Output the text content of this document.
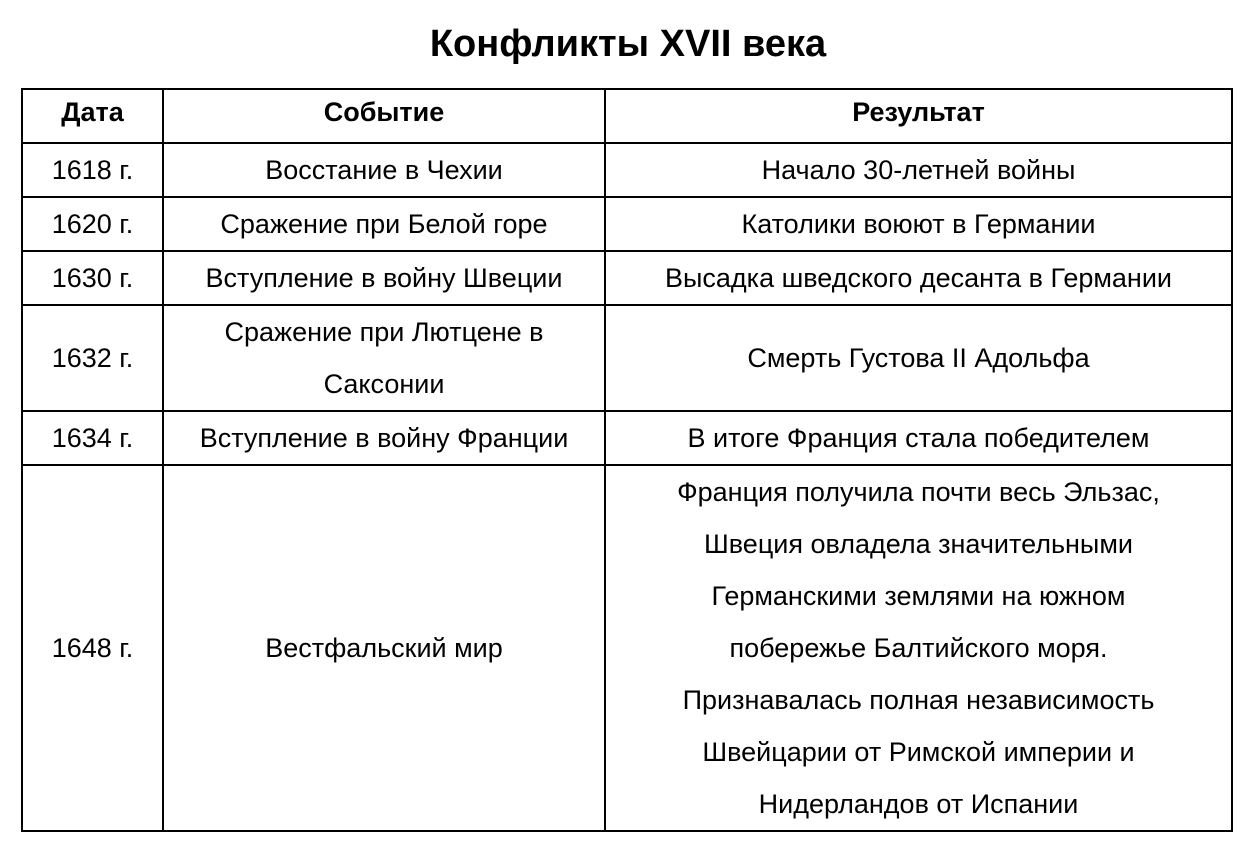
Конфликты XVII века
Дата	Событие	Результат
1618 г.	Восстание в Чехии	Начало 30-летней войны
1620 г.	Сражение при Белой горе	Католики воюют в Германии
1630 г.	Вступление в войну Швеции	Высадка шведского десанта в Германии
1632 г.	Сражение при Лютцене в Саксонии	Смерть Густова II Адольфа
1634 г.	Вступление в войну Франции	В итоге Франция стала победителем
1648 г.	Вестфальский мир	Франция получила почти весь Эльзас, Швеция овладела значительными Германскими землями на южном побережье Балтийского моря. Признавалась полная независимость Швейцарии от Римской империи и Нидерландов от Испании
